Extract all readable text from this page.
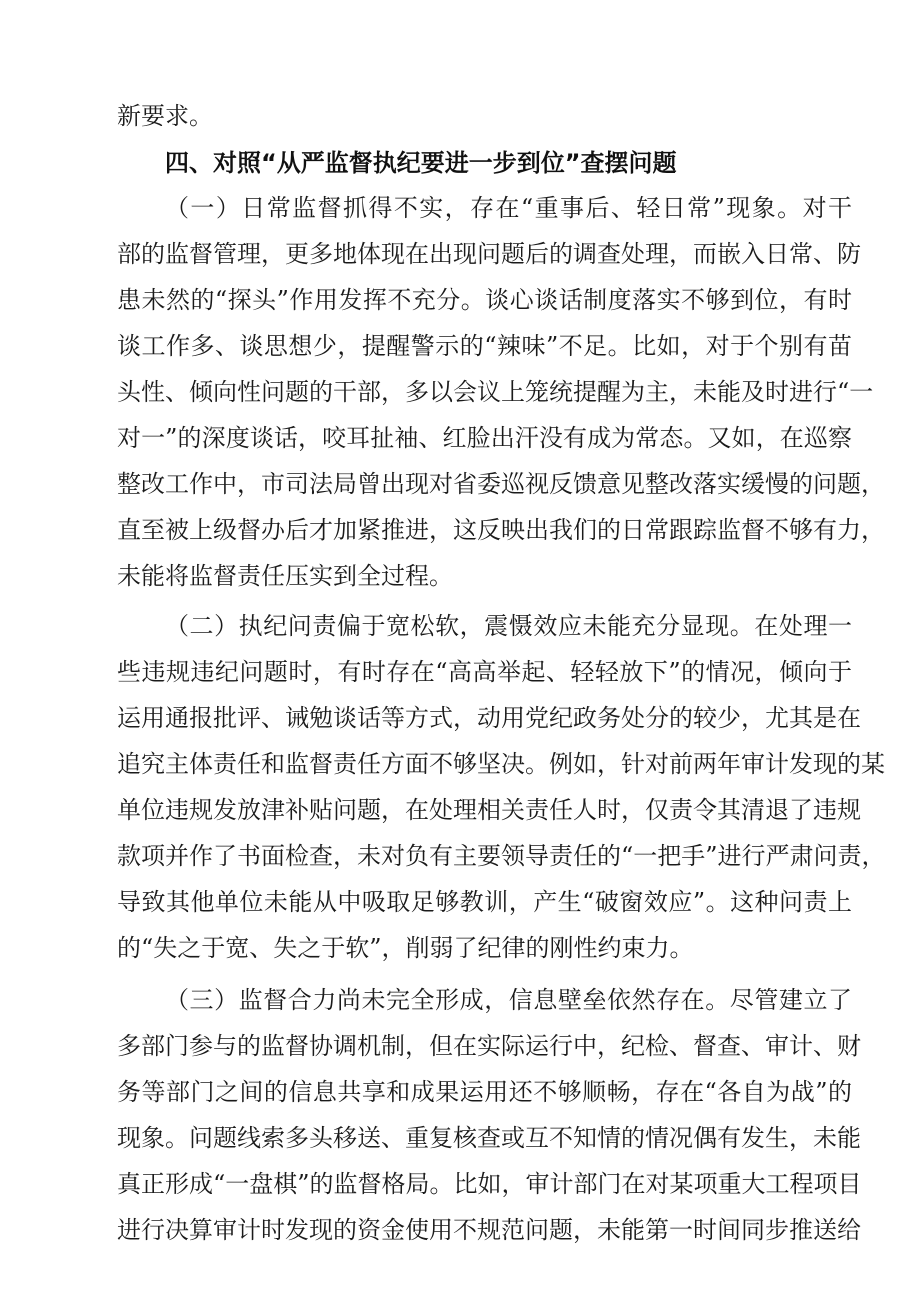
新要求。
四、对照“从严监督执纪要进一步到位”查摆问题
（一）日常监督抓得不实，存在“重事后、轻日常”现象。对干
部的监督管理，更多地体现在出现问题后的调查处理，而嵌入日常、防
患未然的“探头”作用发挥不充分。谈心谈话制度落实不够到位，有时
谈工作多、谈思想少，提醒警示的“辣味”不足。比如，对于个别有苗
头性、倾向性问题的干部，多以会议上笼统提醒为主，未能及时进行“一
对一”的深度谈话，咬耳扯袖、红脸出汗没有成为常态。又如，在巡察
整改工作中，市司法局曾出现对省委巡视反馈意见整改落实缓慢的问题，
直至被上级督办后才加紧推进，这反映出我们的日常跟踪监督不够有力，
未能将监督责任压实到全过程。
（二）执纪问责偏于宽松软，震慑效应未能充分显现。在处理一
些违规违纪问题时，有时存在“高高举起、轻轻放下”的情况，倾向于
运用通报批评、诫勉谈话等方式，动用党纪政务处分的较少，尤其是在
追究主体责任和监督责任方面不够坚决。例如，针对前两年审计发现的某
单位违规发放津补贴问题，在处理相关责任人时，仅责令其清退了违规
款项并作了书面检查，未对负有主要领导责任的“一把手”进行严肃问责，
导致其他单位未能从中吸取足够教训，产生“破窗效应”。这种问责上
的“失之于宽、失之于软”，削弱了纪律的刚性约束力。
（三）监督合力尚未完全形成，信息壁垒依然存在。尽管建立了
多部门参与的监督协调机制，但在实际运行中，纪检、督查、审计、财
务等部门之间的信息共享和成果运用还不够顺畅，存在“各自为战”的
现象。问题线索多头移送、重复核查或互不知情的情况偶有发生，未能
真正形成“一盘棋”的监督格局。比如，审计部门在对某项重大工程项目
进行决算审计时发现的资金使用不规范问题，未能第一时间同步推送给
